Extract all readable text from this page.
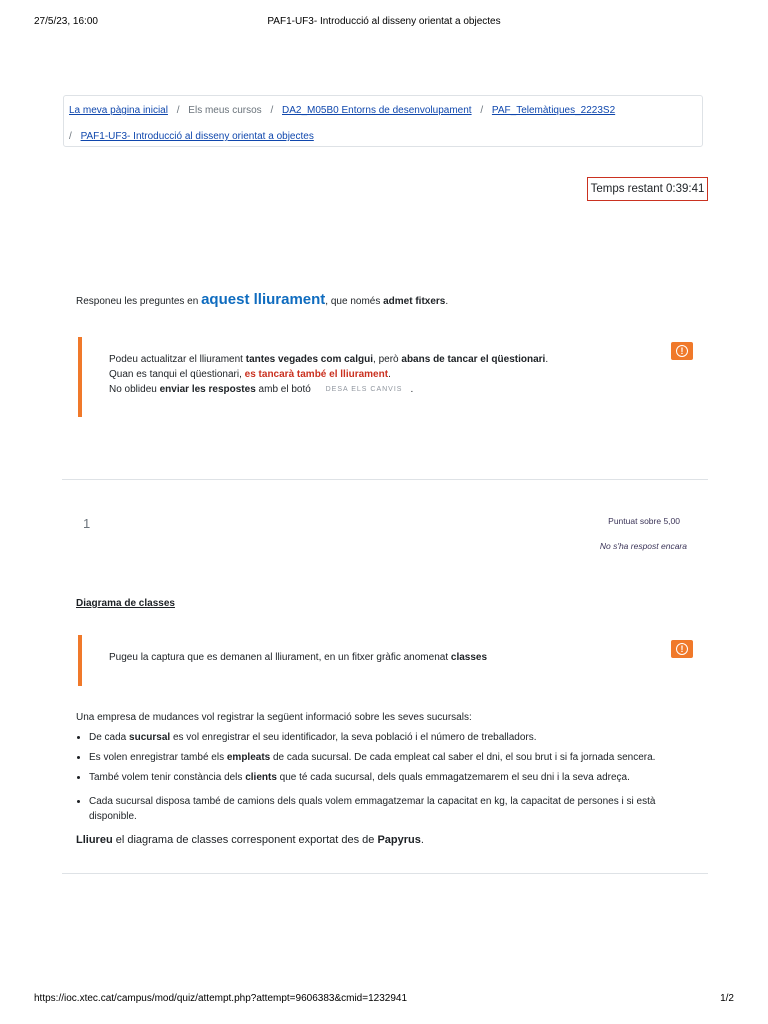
27/5/23, 16:00	PAF1-UF3- Introducció al disseny orientat a objectes
La meva pàgina inicial / Els meus cursos / DA2_M05B0 Entorns de desenvolupament / PAF_Telemàtiques_2223S2
/ PAF1-UF3- Introducció al disseny orientat a objectes
Temps restant 0:39:41
Responeu les preguntes en aquest lliurament, que només admet fitxers.
Podeu actualitzar el lliurament tantes vegades com calgui, però abans de tancar el qüestionari.
Quan es tanqui el qüestionari, es tancarà també el lliurament.
No oblideu enviar les respostes amb el botó DESA ELS CANVIS .
!
1	Puntuat sobre 5,00
No s'ha respost encara
Diagrama de classes
Pugeu la captura que es demanen al lliurament, en un fitxer gràfic anomenat classes
!
Una empresa de mudances vol registrar la següent informació sobre les seves sucursals:
• De cada sucursal es vol enregistrar el seu identificador, la seva població i el número de treballadors.
• Es volen enregistrar també els empleats de cada sucursal. De cada empleat cal saber el dni, el sou brut i si fa jornada sencera.
• També volem tenir constància dels clients que té cada sucursal, dels quals emmagatzemarem el seu dni i la seva adreça.
• Cada sucursal disposa també de camions dels quals volem emmagatzemar la capacitat en kg, la capacitat de persones i si està disponible.
Lliureu el diagrama de classes corresponent exportat des de Papyrus.
https://ioc.xtec.cat/campus/mod/quiz/attempt.php?attempt=9606383&cmid=1232941	1/2
